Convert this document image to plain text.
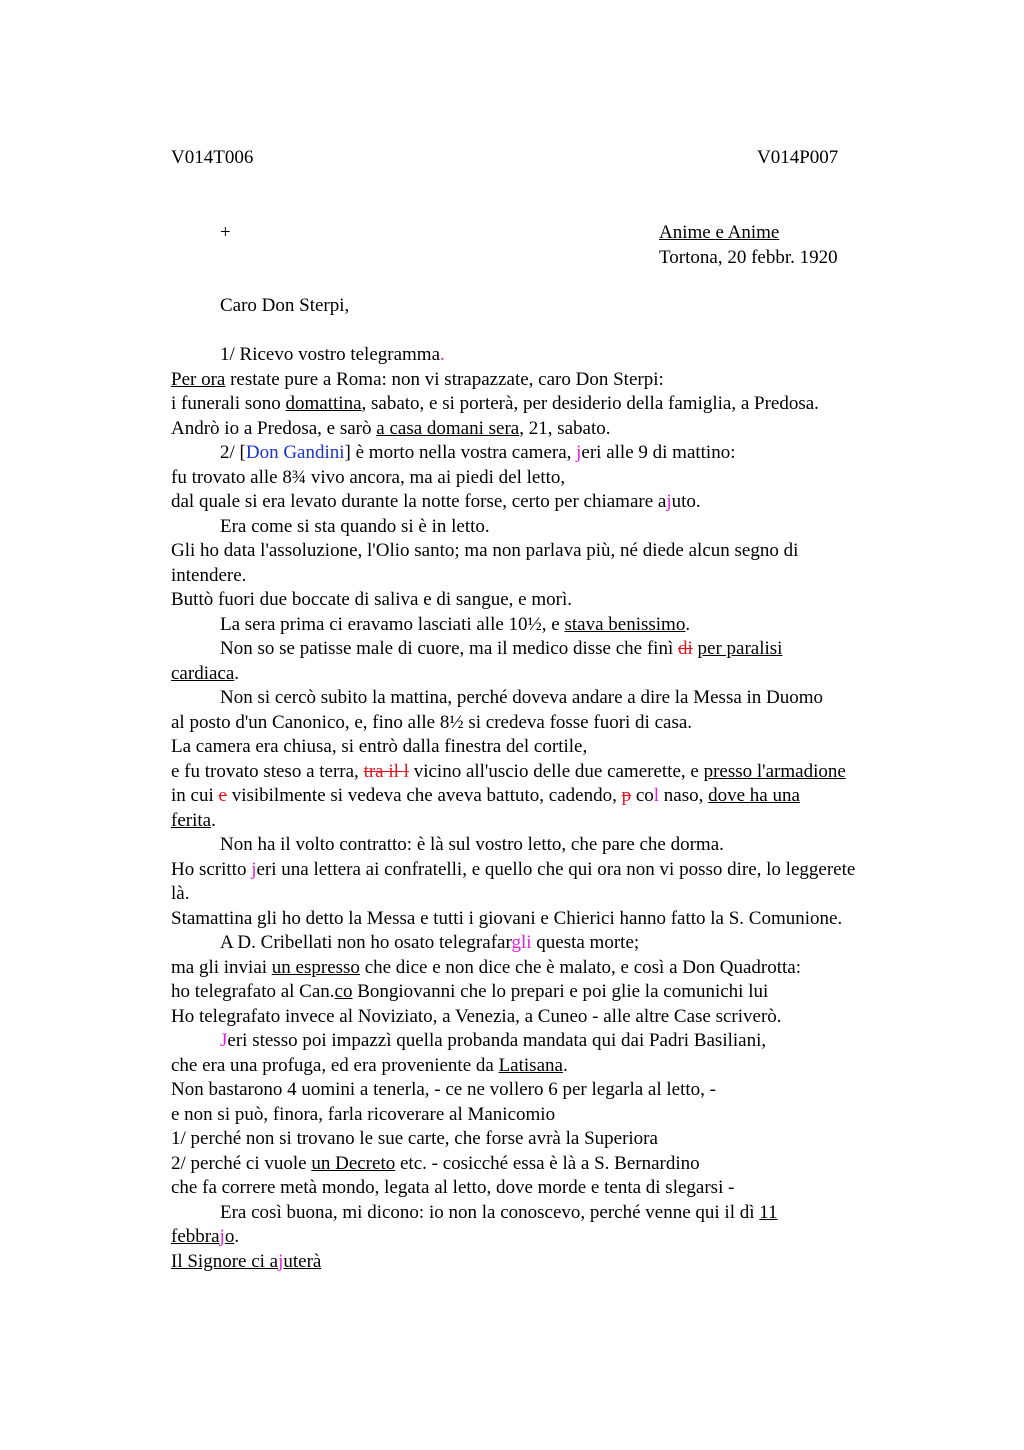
V014T006	V014P007
+	Anime e Anime
Tortona, 20 febbr. 1920
Caro Don Sterpi,
1/ Ricevo vostro telegramma.
Per ora restate pure a Roma: non vi strapazzate, caro Don Sterpi:
i funerali sono domattina, sabato, e si porterà, per desiderio della famiglia, a Predosa.
Andrò io a Predosa, e sarò a casa domani sera, 21, sabato.
2/ [Don Gandini] è morto nella vostra camera, jeri alle 9 di mattino:
fu trovato alle 8¾ vivo ancora, ma ai piedi del letto,
dal quale si era levato durante la notte forse, certo per chiamare ajuto.
Era come si sta quando si è in letto.
Gli ho data l'assoluzione, l'Olio santo; ma non parlava più, né diede alcun segno di
intendere.
Buttò fuori due boccate di saliva e di sangue, e morì.
La sera prima ci eravamo lasciati alle 10½, e stava benissimo.
Non so se patisse male di cuore, ma il medico disse che finì di per paralisi
cardiaca.
Non si cercò subito la mattina, perché doveva andare a dire la Messa in Duomo
al posto d'un Canonico, e, fino alle 8½ si credeva fosse fuori di casa.
La camera era chiusa, si entrò dalla finestra del cortile,
e fu trovato steso a terra, tra il l vicino all'uscio delle due camerette, e presso l'armadione
in cui e visibilmente si vedeva che aveva battuto, cadendo, p col naso, dove ha una
ferita.
Non ha il volto contratto: è là sul vostro letto, che pare che dorma.
Ho scritto jeri una lettera ai confratelli, e quello che qui ora non vi posso dire, lo leggerete
là.
Stamattina gli ho detto la Messa e tutti i giovani e Chierici hanno fatto la S. Comunione.
A D. Cribellati non ho osato telegrafargli questa morte;
ma gli inviai un espresso che dice e non dice che è malato, e così a Don Quadrotta:
ho telegrafato al Can.co Bongiovanni che lo prepari e poi glie la comunichi lui
Ho telegrafato invece al Noviziato, a Venezia, a Cuneo - alle altre Case scriverò.
Jeri stesso poi impazzì quella probanda mandata qui dai Padri Basiliani,
che era una profuga, ed era proveniente da Latisana.
Non bastarono 4 uomini a tenerla, - ce ne vollero 6 per legarla al letto, -
e non si può, finora, farla ricoverare al Manicomio
1/ perché non si trovano le sue carte, che forse avrà la Superiora
2/ perché ci vuole un Decreto etc. - cosicché essa è là a S. Bernardino
che fa correre metà mondo, legata al letto, dove morde e tenta di slegarsi -
Era così buona, mi dicono: io non la conoscevo, perché venne qui il dì 11
febbrajo.
Il Signore ci ajuterà
